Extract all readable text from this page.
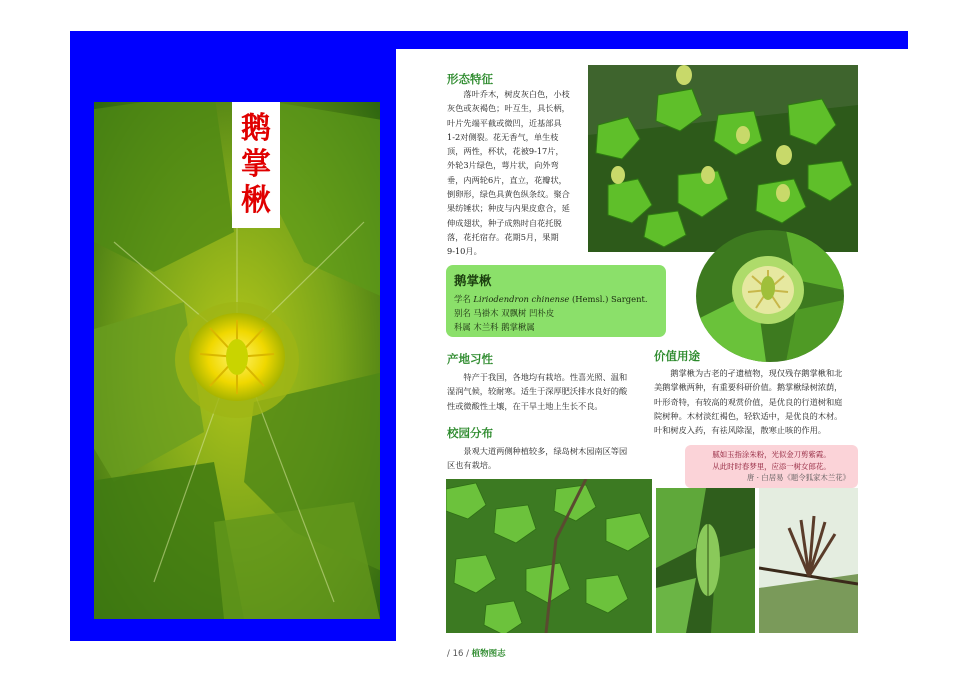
鹅
掌
楸
形态特征
　　落叶乔木，树皮灰白色，小枝
灰色或灰褐色；叶互生，具长柄，
叶片先端平截或微凹，近基部具
1-2对侧裂。花无香气，单生枝
顶，两性，杯状，花被9-17片，
外轮3片绿色，萼片状，向外弯
垂，内两轮6片，直立，花瓣状，
倒卵形，绿色具黄色纵条纹。聚合
果纺锤状；种皮与内果皮愈合，延
伸成翅状，种子成熟时自花托脱
落，花托宿存。花期5月，果期
9-10月。
鹅掌楸
学名 Liriodendron chinense (Hemsl.) Sargent.
别名 马褂木 双飘树 凹朴皮
科属 木兰科 鹅掌楸属
产地习性
　　特产于我国，各地均有栽培。性喜光照、温和
湿润气候，较耐寒。适生于深厚肥沃排水良好的酸
性或微酸性土壤，在干旱土地上生长不良。
校园分布
　　景观大道两侧种植较多，绿岛树木园南区等园
区也有栽培。
价值用途
　　鹅掌楸为古老的孑遗植物，现仅残存鹅掌楸和北
美鹅掌楸两种，有重要科研价值。鹅掌楸绿树浓荫，
叶形奇特，有较高的观赏价值，是优良的行道树和庭
院树种。木材淡红褐色，轻软适中，是优良的木材。
叶和树皮入药，有祛风除湿，散寒止咳的作用。
腻如玉指涂朱粉，光似金刀剪紫霞。
从此时时春梦里，应添一树女郎花。
唐 · 白居易《题令狐家木兰花》
/ 16 / 植物图志
